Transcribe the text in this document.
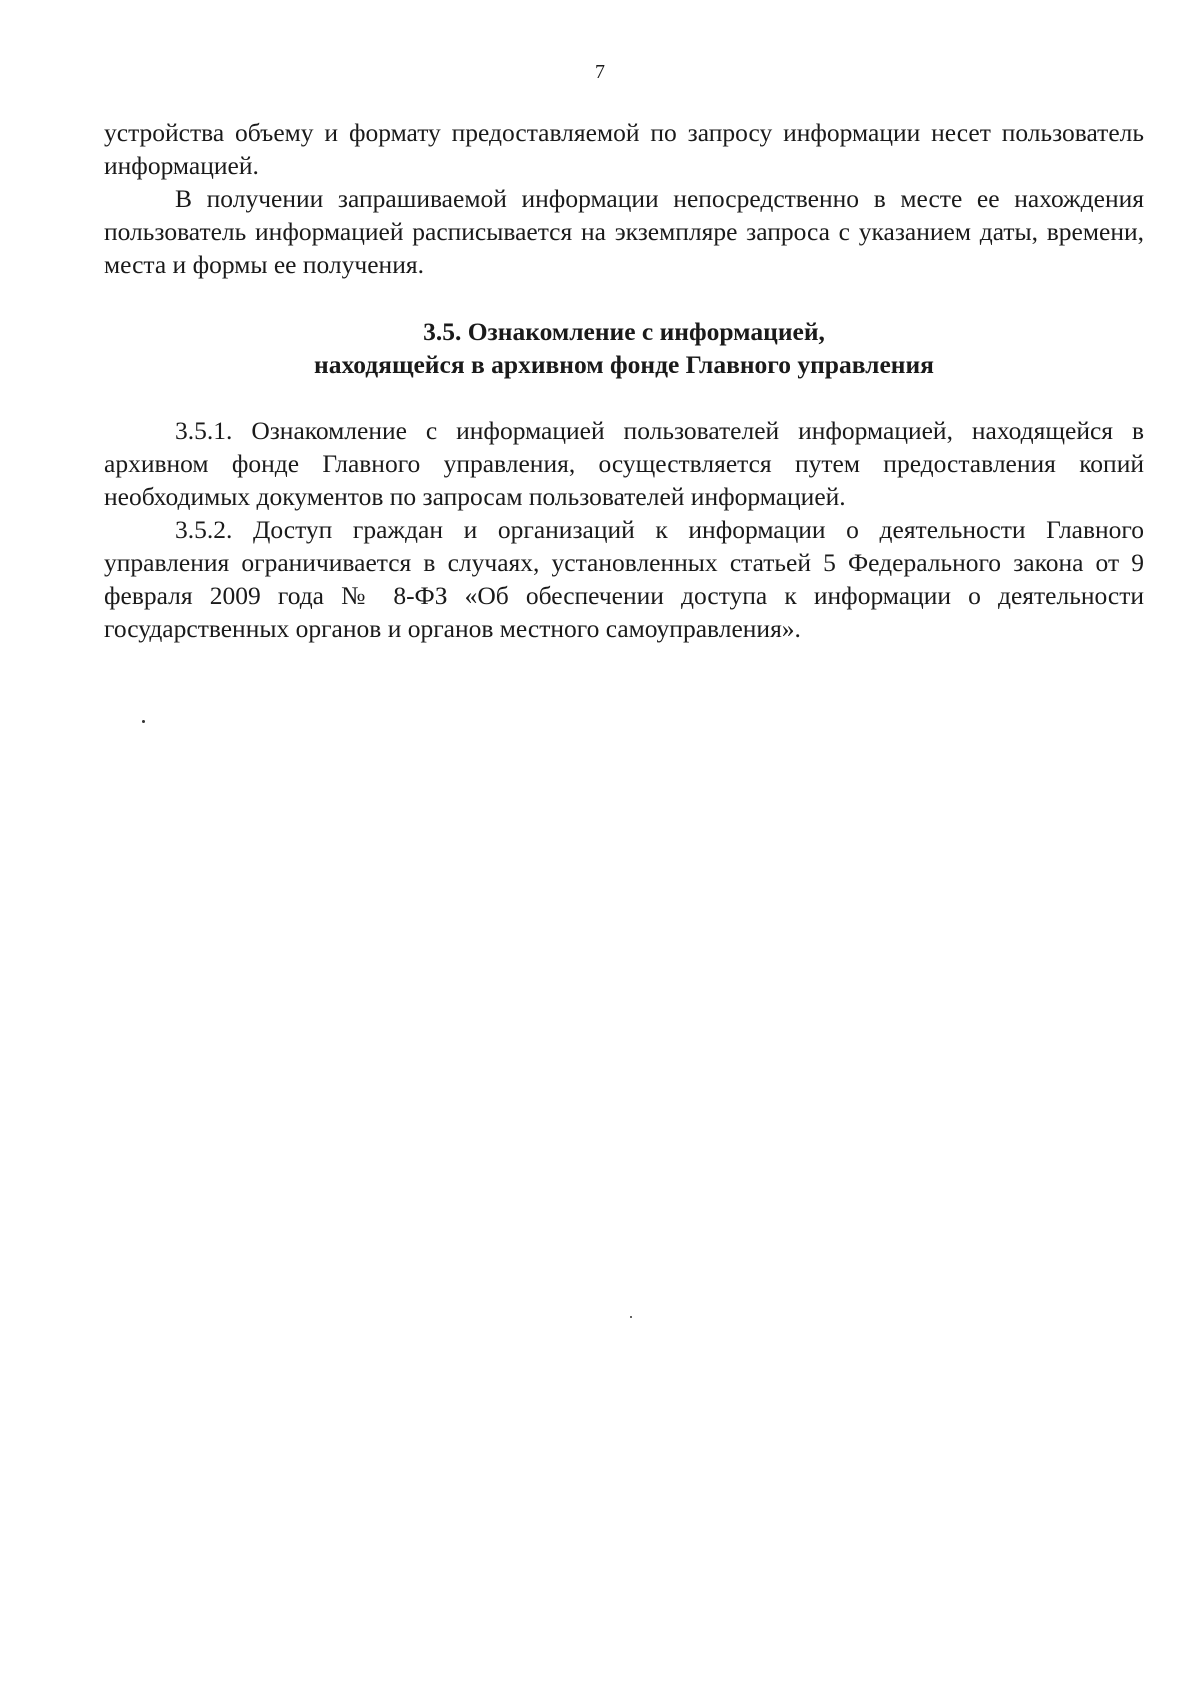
7

устройства объему и формату предоставляемой по запросу информации несет пользователь информацией.

В получении запрашиваемой информации непосредственно в месте ее нахождения пользователь информацией расписывается на экземпляре запроса с указанием даты, времени, места и формы ее получения.

3.5. Ознакомление с информацией,
находящейся в архивном фонде Главного управления

3.5.1. Ознакомление с информацией пользователей информацией, находящейся в архивном фонде Главного управления, осуществляется путем предоставления копий необходимых документов по запросам пользователей информацией.

3.5.2. Доступ граждан и организаций к информации о деятельности Главного управления ограничивается в случаях, установленных статьей 5 Федерального закона от 9 февраля 2009 года № 8-ФЗ «Об обеспечении доступа к информации о деятельности государственных органов и органов местного самоуправления».
